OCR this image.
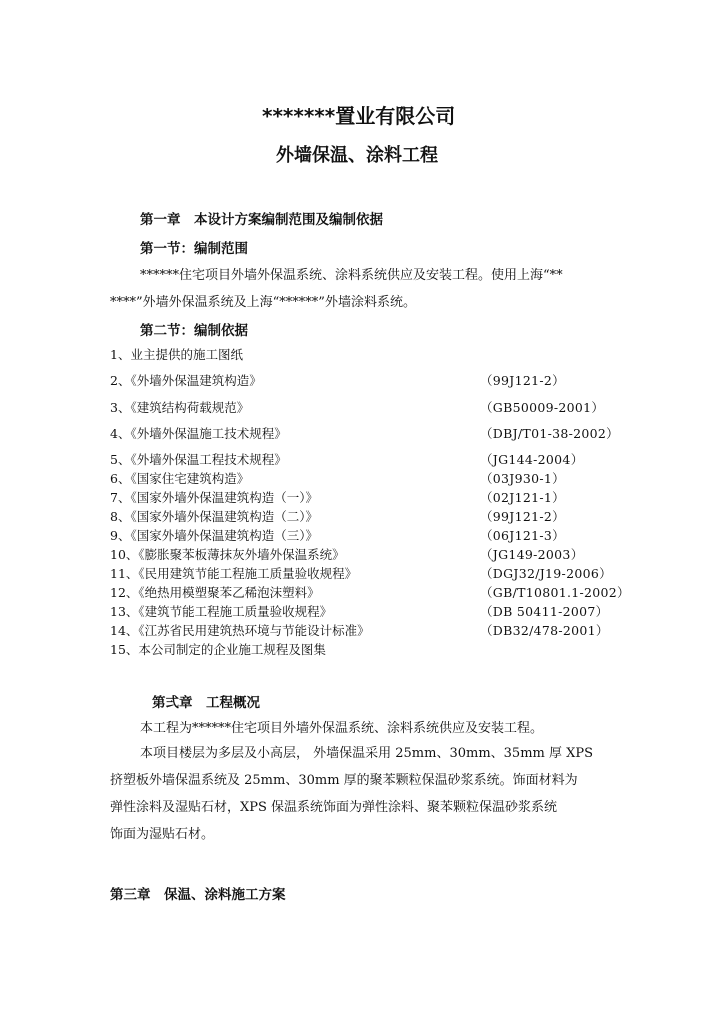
*******置业有限公司
外墙保温、涂料工程
第一章　本设计方案编制范围及编制依据
第一节：编制范围
******住宅项目外墙外保温系统、涂料系统供应及安装工程。使用上海“**
****”外墙外保温系统及上海“******”外墙涂料系统。
第二节：编制依据
1、业主提供的施工图纸
2、《外墙外保温建筑构造》	（99J121-2）
3、《建筑结构荷载规范》	（GB50009-2001）
4、《外墙外保温施工技术规程》	（DBJ/T01-38-2002）
5、《外墙外保温工程技术规程》	（JG144-2004）
6、《国家住宅建筑构造》	（03J930-1）
7、《国家外墙外保温建筑构造（一）》	（02J121-1）
8、《国家外墙外保温建筑构造（二）》	（99J121-2）
9、《国家外墙外保温建筑构造（三）》	（06J121-3）
10、《膨胀聚苯板薄抹灰外墙外保温系统》	（JG149-2003）
11、《民用建筑节能工程施工质量验收规程》	（DGJ32/J19-2006）
12、《绝热用模塑聚苯乙稀泡沫塑料》	（GB/T10801.1-2002）
13、《建筑节能工程施工质量验收规程》	（DB 50411-2007）
14、《江苏省民用建筑热环境与节能设计标准》	（DB32/478-2001）
15、本公司制定的企业施工规程及图集
第弍章　工程概况
本工程为******住宅项目外墙外保温系统、涂料系统供应及安装工程。
本项目楼层为多层及小高层， 外墙保温采用 25mm、30mm、35mm 厚 XPS
挤塑板外墙保温系统及 25mm、30mm 厚的聚苯颗粒保温砂浆系统。饰面材料为
弹性涂料及湿贴石材，XPS 保温系统饰面为弹性涂料、聚苯颗粒保温砂浆系统
饰面为湿贴石材。
第三章　保温、涂料施工方案
